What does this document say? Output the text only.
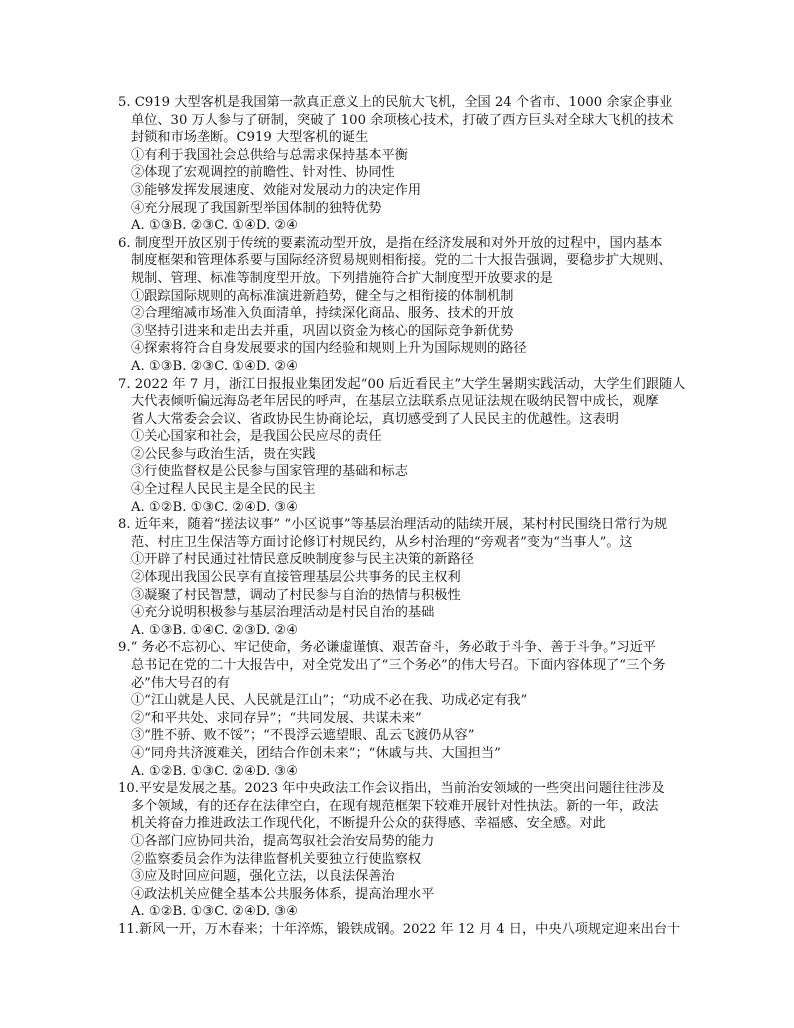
5. C919 大型客机是我国第一款真正意义上的民航大飞机，全国 24 个省市、1000 余家企事业
单位、30 万人参与了研制，突破了 100 余项核心技术，打破了西方巨头对全球大飞机的技术
封锁和市场垄断。C919 大型客机的诞生
①有利于我国社会总供给与总需求保持基本平衡
②体现了宏观调控的前瞻性、针对性、协同性
③能够发挥发展速度、效能对发展动力的决定作用
④充分展现了我国新型举国体制的独特优势
A. ①③B. ②③C. ①④D. ②④
6. 制度型开放区别于传统的要素流动型开放，是指在经济发展和对外开放的过程中，国内基本
制度框架和管理体系要与国际经济贸易规则相衔接。党的二十大报告强调，要稳步扩大规则、
规制、管理、标准等制度型开放。下列措施符合扩大制度型开放要求的是
①跟踪国际规则的高标准演进新趋势，健全与之相衔接的体制机制
②合理缩减市场准入负面清单，持续深化商品、服务、技术的开放
③坚持引进来和走出去并重，巩固以资金为核心的国际竞争新优势
④探索将符合自身发展要求的国内经验和规则上升为国际规则的路径
A. ①③B. ②③C. ①④D. ②④
7. 2022 年 7 月，浙江日报报业集团发起“00 后近看民主”大学生暑期实践活动，大学生们跟随人
大代表倾听偏远海岛老年居民的呼声，在基层立法联系点见证法规在吸纳民智中成长，观摩
省人大常委会会议、省政协民生协商论坛，真切感受到了人民民主的优越性。这表明
①关心国家和社会，是我国公民应尽的责任
②公民参与政治生活，贵在实践
③行使监督权是公民参与国家管理的基础和标志
④全过程人民民主是全民的民主
A. ①②B. ①③C. ②④D. ③④
8. 近年来，随着“搓法议事” “小区说事”等基层治理活动的陆续开展，某村村民围绕日常行为规
范、村庄卫生保洁等方面讨论修订村规民约，从乡村治理的“旁观者”变为“当事人”。这
①开辟了村民通过社情民意反映制度参与民主决策的新路径
②体现出我国公民享有直接管理基层公共事务的民主权利
③凝聚了村民智慧，调动了村民参与自治的热情与积极性
④充分说明积极参与基层治理活动是村民自治的基础
A. ①③B. ①④C. ②③D. ②④
9.“ 务必不忘初心、牢记使命，务必谦虚谨慎、艰苦奋斗，务必敢于斗争、善于斗争。”习近平
总书记在党的二十大报告中，对全党发出了“三个务必”的伟大号召。下面内容体现了“三个务
必”伟大号召的有
①“江山就是人民、人民就是江山”；“功成不必在我、功成必定有我”
②“和平共处、求同存异”；“共同发展、共谋未来”
③“胜不骄、败不馁”；“不畏浮云遮望眼、乱云飞渡仍从容”
④“同舟共济渡难关，团结合作创未来”；“休戚与共、大国担当”
A. ①②B. ①③C. ②④D. ③④
10.平安是发展之基。2023 年中央政法工作会议指出，当前治安领域的一些突出问题往往涉及
多个领域，有的还存在法律空白，在现有规范框架下较难开展针对性执法。新的一年，政法
机关将奋力推进政法工作现代化，不断提升公众的获得感、幸福感、安全感。对此
①各部门应协同共治，提高驾驭社会治安局势的能力
②监察委员会作为法律监督机关要独立行使监察权
③应及时回应问题，强化立法，以良法保善治
④政法机关应健全基本公共服务体系，提高治理水平
A. ①②B. ①③C. ②④D. ③④
11.新风一开，万木春来；十年淬炼，锻铁成钢。2022 年 12 月 4 日，中央八项规定迎来出台十
